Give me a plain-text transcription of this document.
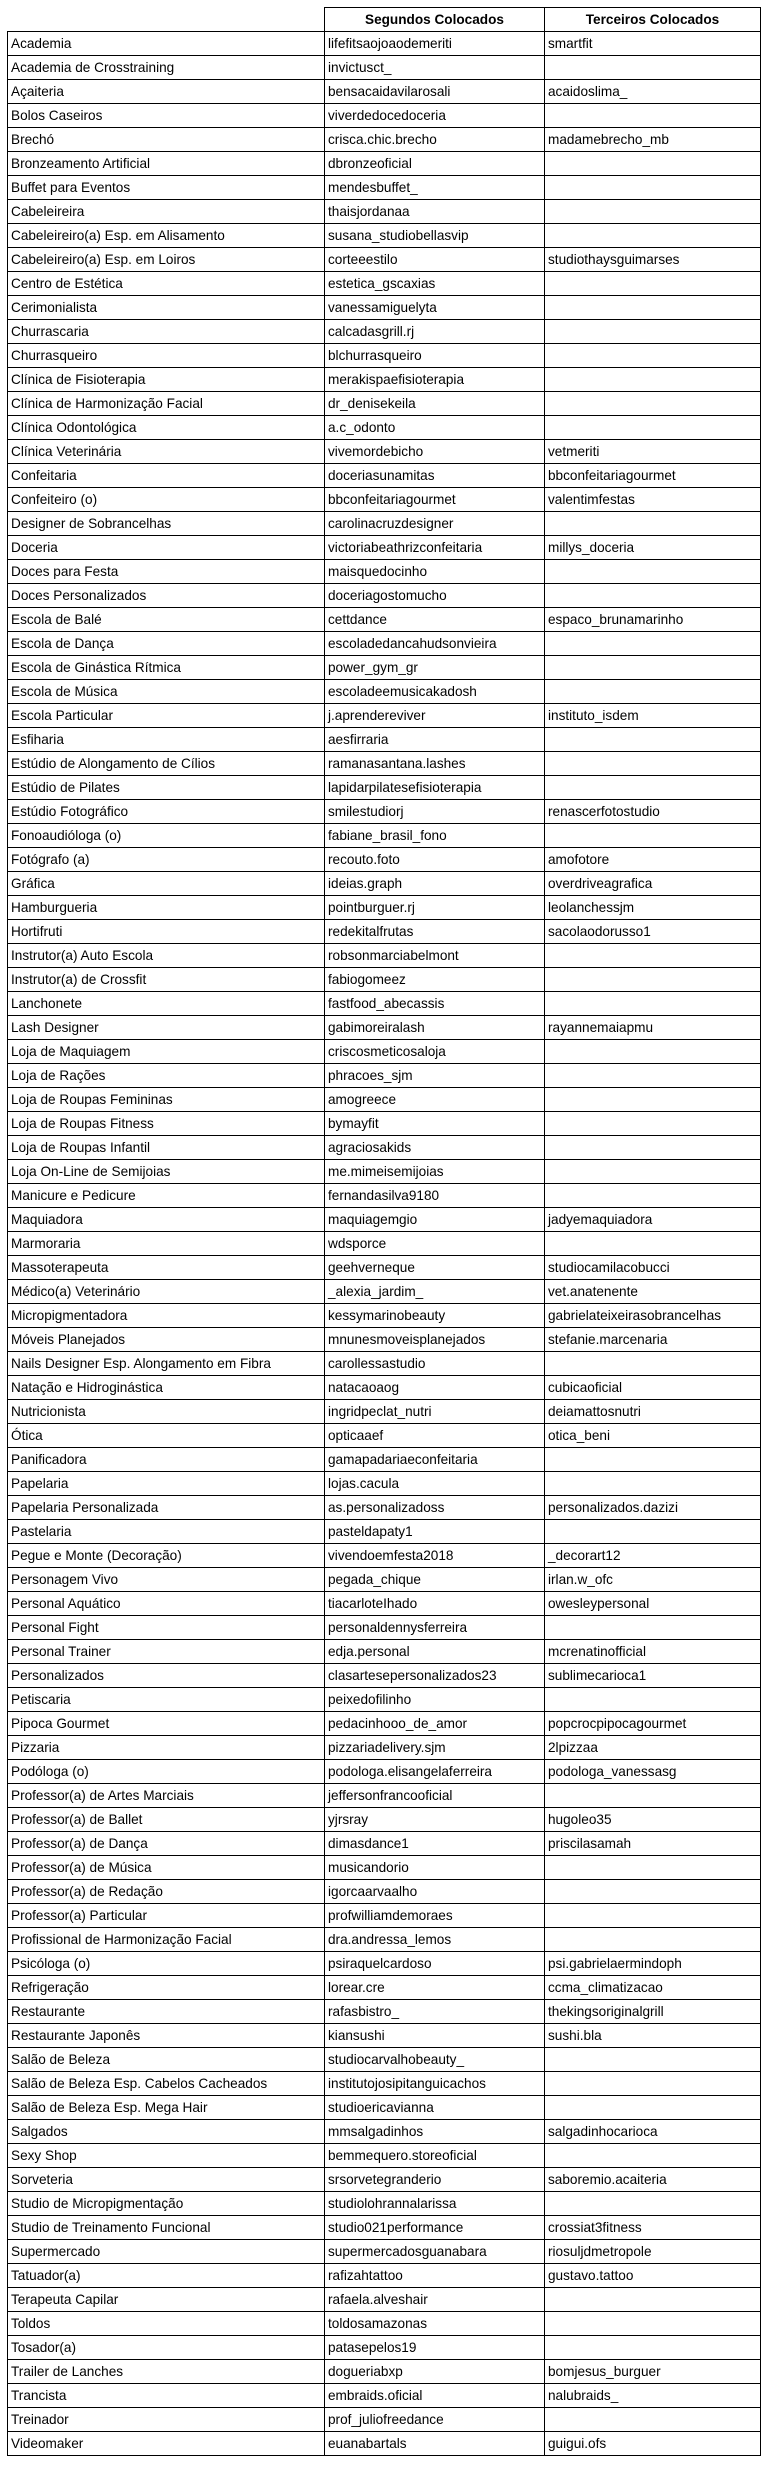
	Segundos Colocados	Terceiros Colocados
Academia	lifefitsaojoaodemeriti	smartfit
Academia de Crosstraining	invictusct_	
Açaiteria	bensacaidavilarosali	acaidoslima_
Bolos Caseiros	viverdedocedoceria	
Brechó	crisca.chic.brecho	madamebrecho_mb
Bronzeamento Artificial	dbronzeoficial	
Buffet para Eventos	mendesbuffet_	
Cabeleireira	thaisjordanaa	
Cabeleireiro(a) Esp. em Alisamento	susana_studiobellasvip	
Cabeleireiro(a) Esp. em Loiros	corteeestilo	studiothaysguimarses
Centro de Estética	estetica_gscaxias	
Cerimonialista	vanessamiguelyta	
Churrascaria	calcadasgrill.rj	
Churrasqueiro	blchurrasqueiro	
Clínica de Fisioterapia	merakispaefisioterapia	
Clínica de Harmonização Facial	dr_denisekeila	
Clínica Odontológica	a.c_odonto	
Clínica Veterinária	vivemordebicho	vetmeriti
Confeitaria	doceriasunamitas	bbconfeitariagourmet
Confeiteiro (o)	bbconfeitariagourmet	valentimfestas
Designer de Sobrancelhas	carolinacruzdesigner	
Doceria	victoriabeathrizconfeitaria	millys_doceria
Doces para Festa	maisquedocinho	
Doces Personalizados	doceriagostomucho	
Escola de Balé	cettdance	espaco_brunamarinho
Escola de Dança	escoladedancahudsonvieira	
Escola de Ginástica Rítmica	power_gym_gr	
Escola de Música	escoladeemusicakadosh	
Escola Particular	j.aprendereviver	instituto_isdem
Esfiharia	aesfirraria	
Estúdio de Alongamento de Cílios	ramanasantana.lashes	
Estúdio de Pilates	lapidarpilatesefisioterapia	
Estúdio Fotográfico	smilestudiorj	renascerfotostudio
Fonoaudióloga (o)	fabiane_brasil_fono	
Fotógrafo (a)	recouto.foto	amofotore
Gráfica	ideias.graph	overdriveagrafica
Hamburgueria	pointburguer.rj	leolanchessjm
Hortifruti	redekitalfrutas	sacolaodorusso1
Instrutor(a) Auto Escola	robsonmarciabelmont	
Instrutor(a) de Crossfit	fabiogomeez	
Lanchonete	fastfood_abecassis	
Lash Designer	gabimoreiralash	rayannemaiapmu
Loja de Maquiagem	criscosmeticosaloja	
Loja de Rações	phracoes_sjm	
Loja de Roupas Femininas	amogreece	
Loja de Roupas Fitness	bymayfit	
Loja de Roupas Infantil	agraciosakids	
Loja On-Line de Semijoias	me.mimeisemijoias	
Manicure e Pedicure	fernandasilva9180	
Maquiadora	maquiagemgio	jadyemaquiadora
Marmoraria	wdsporce	
Massoterapeuta	geehverneque	studiocamilacobucci
Médico(a) Veterinário	_alexia_jardim_	vet.anatenente
Micropigmentadora	kessymarinobeauty	gabrielateixeirasobrancelhas
Móveis Planejados	mnunesmoveisplanejados	stefanie.marcenaria
Nails Designer Esp. Alongamento em Fibra	carollessastudio	
Natação e Hidroginástica	natacaoaog	cubicaoficial
Nutricionista	ingridpeclat_nutri	deiamattosnutri
Ótica	opticaaef	otica_beni
Panificadora	gamapadariaeconfeitaria	
Papelaria	lojas.cacula	
Papelaria Personalizada	as.personalizadoss	personalizados.dazizi
Pastelaria	pasteldapaty1	
Pegue e Monte (Decoração)	vivendoemfesta2018	_decorart12
Personagem Vivo	pegada_chique	irlan.w_ofc
Personal Aquático	tiacarloteIhado	owesleypersonal
Personal Fight	personaldennysferreira	
Personal Trainer	edja.personal	mcrenatinofficial
Personalizados	clasartesepersonalizados23	sublimecarioca1
Petiscaria	peixedofilinho	
Pipoca Gourmet	pedacinhooo_de_amor	popcrocpipocagourmet
Pizzaria	pizzariadelivery.sjm	2lpizzaa
Podóloga (o)	podologa.elisangelaferreira	podologa_vanessasg
Professor(a) de Artes Marciais	jeffersonfrancooficial	
Professor(a) de Ballet	yjrsray	hugoleo35
Professor(a) de Dança	dimasdance1	priscilasamah
Professor(a) de Música	musicandorio	
Professor(a) de Redação	igorcaarvaalho	
Professor(a) Particular	profwilliamdemoraes	
Profissional de Harmonização Facial	dra.andressa_lemos	
Psicóloga (o)	psiraquelcardoso	psi.gabrielaermindoph
Refrigeração	lorear.cre	ccma_climatizacao
Restaurante	rafasbistro_	thekingsoriginalgrill
Restaurante Japonês	kiansushi	sushi.bla
Salão de Beleza	studiocarvalhobeauty_	
Salão de Beleza Esp. Cabelos Cacheados	institutojosipitanguicachos	
Salão de Beleza Esp. Mega Hair	studioericavianna	
Salgados	mmsalgadinhos	salgadinhocarioca
Sexy Shop	bemmequero.storeoficial	
Sorveteria	srsorvetegranderio	saboremio.acaiteria
Studio de Micropigmentação	studiolohrannalarissa	
Studio de Treinamento Funcional	studio021performance	crossiat3fitness
Supermercado	supermercadosguanabara	riosuljdmetropole
Tatuador(a)	rafizahtattoo	gustavo.tattoo
Terapeuta Capilar	rafaela.alveshair	
Toldos	toldosamazonas	
Tosador(a)	patasepelos19	
Trailer de Lanches	dogueriabxp	bomjesus_burguer
Trancista	embraids.oficial	nalubraids_
Treinador	prof_juliofreedance	
Videomaker	euanabartals	guigui.ofs
